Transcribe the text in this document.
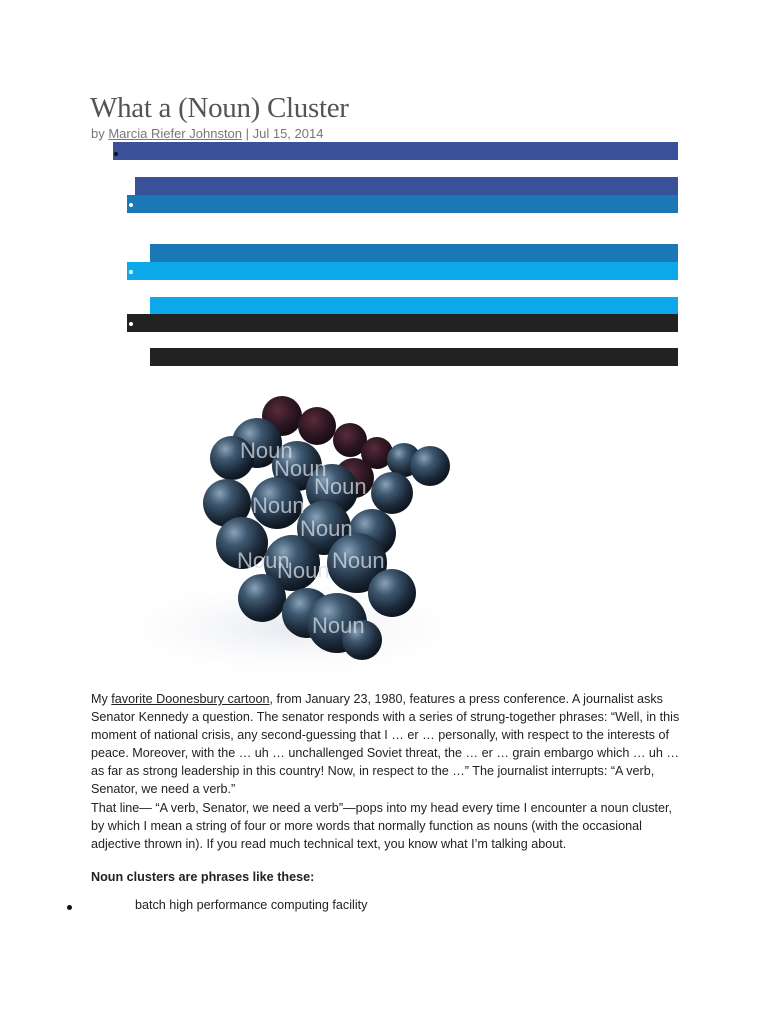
What a (Noun) Cluster
by Marcia Riefer Johnston | Jul 15, 2014
Noun
Noun
Noun
Noun
Noun
Noun
Noun Noun
Noun

My favorite Doonesbury cartoon, from January 23, 1980, features a press conference. A journalist asks Senator Kennedy a question. The senator responds with a series of strung-together phrases: “Well, in this moment of national crisis, any second-guessing that I … er … personally, with respect to the interests of peace. Moreover, with the … uh … unchallenged Soviet threat, the … er … grain embargo which … uh … as far as strong leadership in this country! Now, in respect to the …” The journalist interrupts: “A verb, Senator, we need a verb.”

That line— “A verb, Senator, we need a verb”—pops into my head every time I encounter a noun cluster, by which I mean a string of four or more words that normally function as nouns (with the occasional adjective thrown in). If you read much technical text, you know what I’m talking about.

Noun clusters are phrases like these:
batch high performance computing facility
